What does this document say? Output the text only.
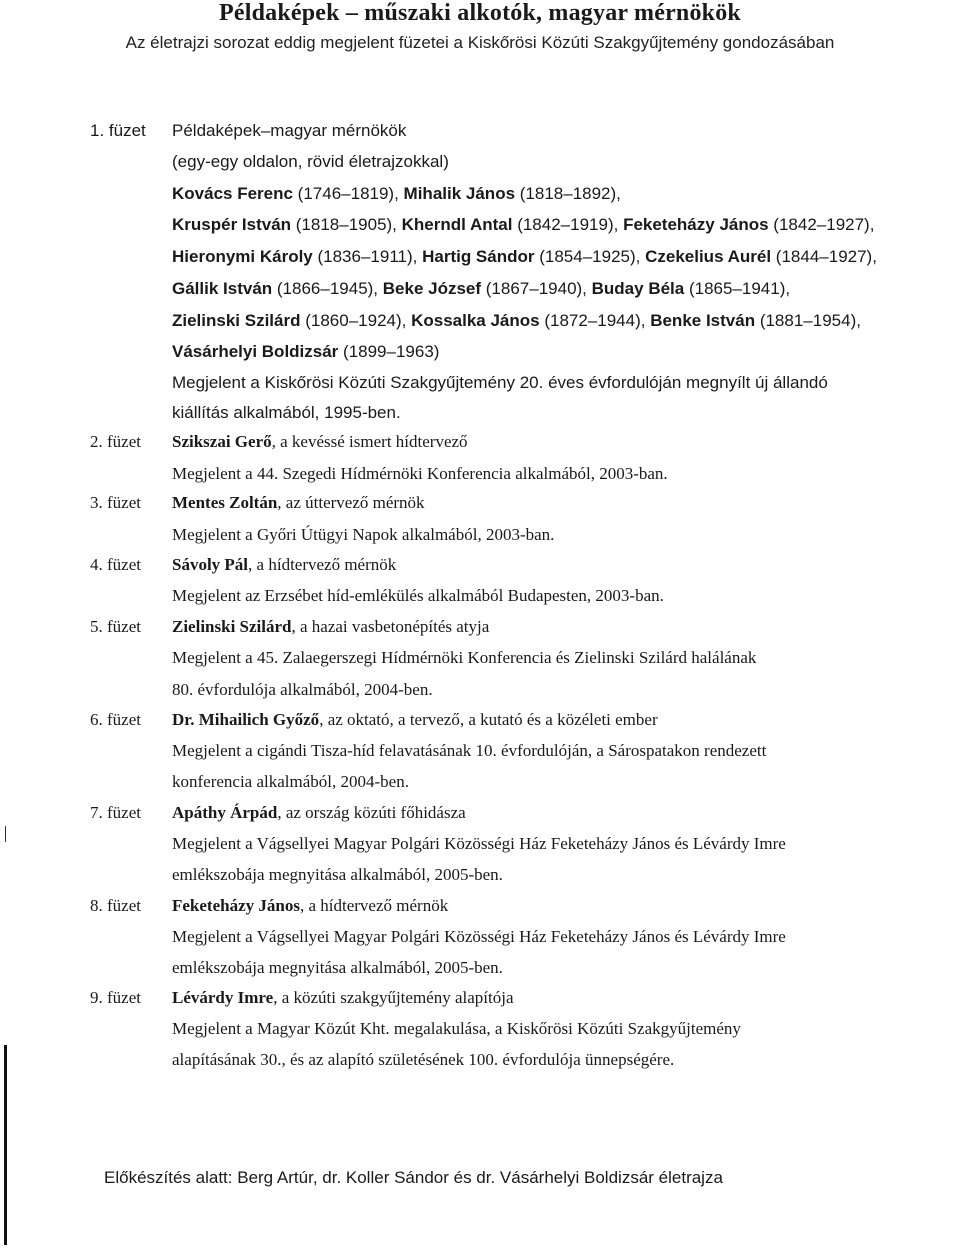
Példaképek – műszaki alkotók, magyar mérnökök
Az életrajzi sorozat eddig megjelent füzetei a Kiskőrösi Közúti Szakgyűjtemény gondozásában
1. füzet	Példaképek–magyar mérnökök
(egy-egy oldalon, rövid életrajzokkal)
Kovács Ferenc (1746–1819), Mihalik János (1818–1892),
Kruspér István (1818–1905), Kherndl Antal (1842–1919), Feketeházy János (1842–1927),
Hieronymi Károly (1836–1911), Hartig Sándor (1854–1925), Czekelius Aurél (1844–1927),
Gállik István (1866–1945), Beke József (1867–1940), Buday Béla (1865–1941),
Zielinski Szilárd (1860–1924), Kossalka János (1872–1944), Benke István (1881–1954),
Vásárhelyi Boldizsár (1899–1963)
Megjelent a Kiskőrösi Közúti Szakgyűjtemény 20. éves évfordulóján megnyílt új állandó
kiállítás alkalmából, 1995-ben.
2. füzet	Szikszai Gerő, a kevéssé ismert hídtervező
Megjelent a 44. Szegedi Hídmérnöki Konferencia alkalmából, 2003-ban.
3. füzet	Mentes Zoltán, az úttervező mérnök
Megjelent a Győri Útügyi Napok alkalmából, 2003-ban.
4. füzet	Sávoly Pál, a hídtervező mérnök
Megjelent az Erzsébet híd-emlékülés alkalmából Budapesten, 2003-ban.
5. füzet	Zielinski Szilárd, a hazai vasbetonépítés atyja
Megjelent a 45. Zalaegerszegi Hídmérnöki Konferencia és Zielinski Szilárd halálának
80. évfordulója alkalmából, 2004-ben.
6. füzet	Dr. Mihailich Győző, az oktató, a tervező, a kutató és a közéleti ember
Megjelent a cigándi Tisza-híd felavatásának 10. évfordulóján, a Sárospatakon rendezett
konferencia alkalmából, 2004-ben.
7. füzet	Apáthy Árpád, az ország közúti főhidásza
Megjelent a Vágsellyei Magyar Polgári Közösségi Ház Feketeházy János és Lévárdy Imre
emlékszobája megnyitása alkalmából, 2005-ben.
8. füzet	Feketeházy János, a hídtervező mérnök
Megjelent a Vágsellyei Magyar Polgári Közösségi Ház Feketeházy János és Lévárdy Imre
emlékszobája megnyitása alkalmából, 2005-ben.
9. füzet	Lévárdy Imre, a közúti szakgyűjtemény alapítója
Megjelent a Magyar Közút Kht. megalakulása, a Kiskőrösi Közúti Szakgyűjtemény
alapításának 30., és az alapító születésének 100. évfordulója ünnepségére.
Előkészítés alatt: Berg Artúr, dr. Koller Sándor és dr. Vásárhelyi Boldizsár életrajza
